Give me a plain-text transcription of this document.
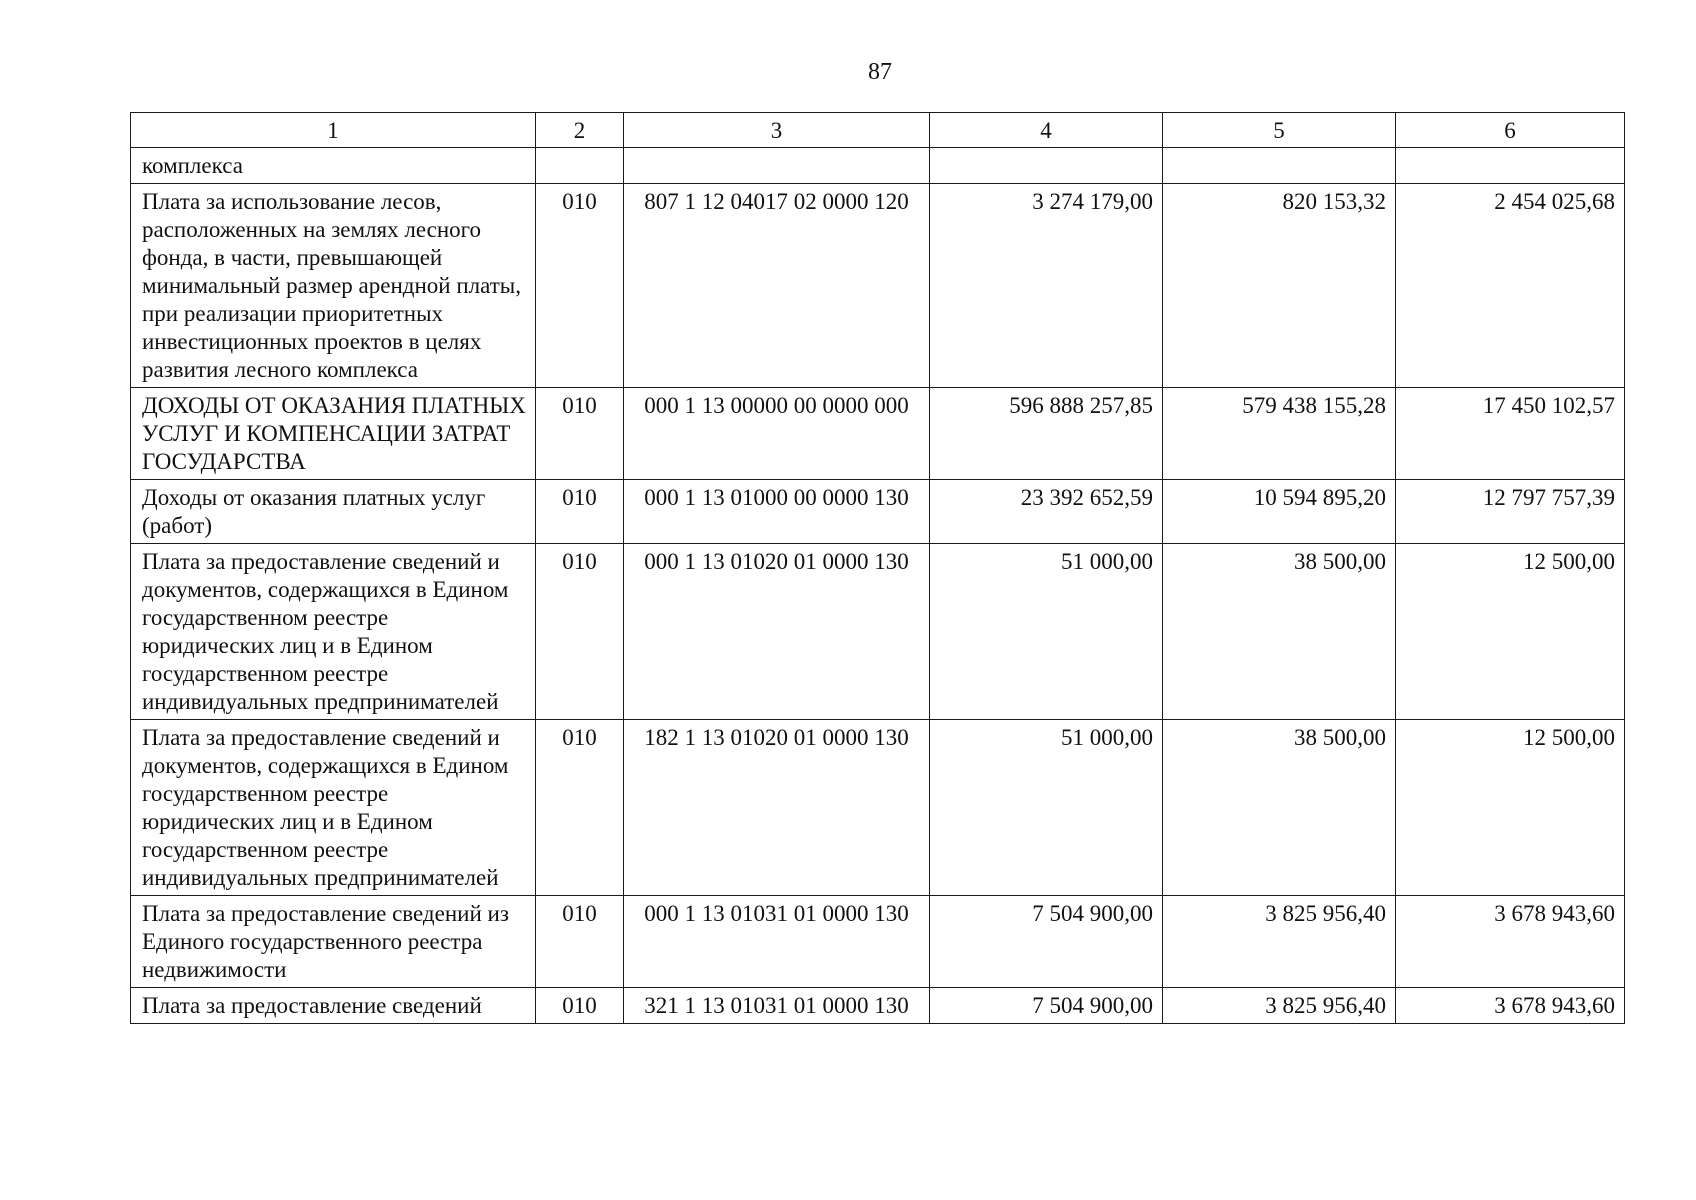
87
1	2	3	4	5	6
комплекса					
Плата за использование лесов, расположенных на землях лесного фонда, в части, превышающей минимальный размер арендной платы, при реализации приоритетных инвестиционных проектов в целях развития лесного комплекса	010	807 1 12 04017 02 0000 120	3 274 179,00	820 153,32	2 454 025,68
ДОХОДЫ ОТ ОКАЗАНИЯ ПЛАТНЫХ УСЛУГ И КОМПЕНСАЦИИ ЗАТРАТ ГОСУДАРСТВА	010	000 1 13 00000 00 0000 000	596 888 257,85	579 438 155,28	17 450 102,57
Доходы от оказания платных услуг (работ)	010	000 1 13 01000 00 0000 130	23 392 652,59	10 594 895,20	12 797 757,39
Плата за предоставление сведений и документов, содержащихся в Едином государственном реестре юридических лиц и в Едином государственном реестре индивидуальных предпринимателей	010	000 1 13 01020 01 0000 130	51 000,00	38 500,00	12 500,00
Плата за предоставление сведений и документов, содержащихся в Едином государственном реестре юридических лиц и в Едином государственном реестре индивидуальных предпринимателей	010	182 1 13 01020 01 0000 130	51 000,00	38 500,00	12 500,00
Плата за предоставление сведений из Единого государственного реестра недвижимости	010	000 1 13 01031 01 0000 130	7 504 900,00	3 825 956,40	3 678 943,60
Плата за предоставление сведений	010	321 1 13 01031 01 0000 130	7 504 900,00	3 825 956,40	3 678 943,60
